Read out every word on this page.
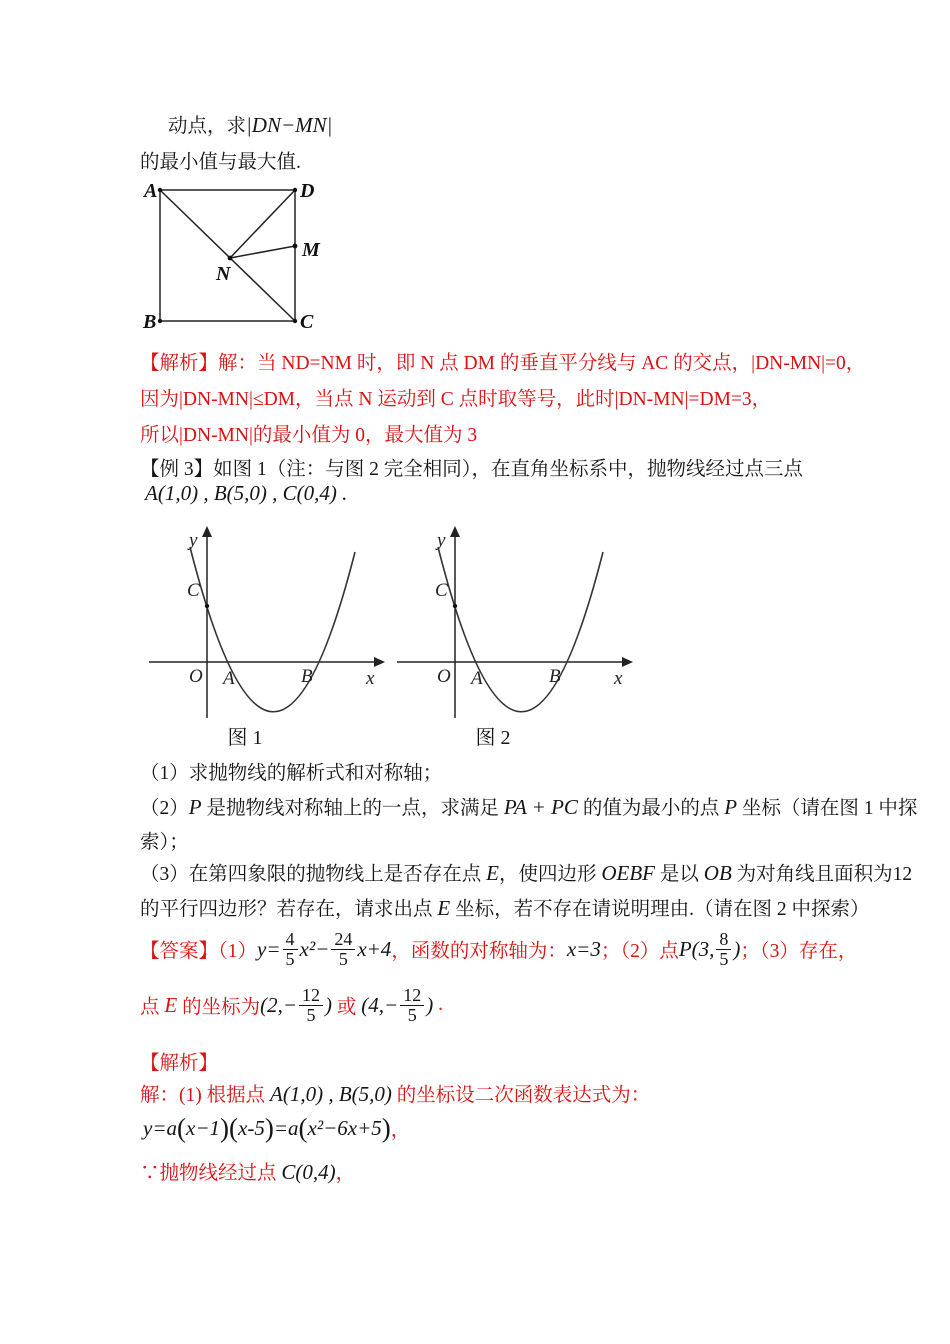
动点，求|DN−MN|
的最小值与最大值.
A	D
B	C
N
M
【解析】解：当 ND=NM 时，即 N 点 DM 的垂直平分线与 AC 的交点，|DN-MN|=0，
因为|DN-MN|≤DM，当点 N 运动到 C 点时取等号，此时|DN-MN|=DM=3，
所以|DN-MN|的最小值为 0，最大值为 3
【例 3】如图 1（注：与图 2 完全相同），在直角坐标系中，抛物线经过点三点
A(1,0) , B(5,0) , C(0,4) .
y
x
O A	B
C
图 1
y
x
O A	B
C
图 2
（1）求抛物线的解析式和对称轴；
（2）P 是抛物线对称轴上的一点，求满足 PA + PC 的值为最小的点 P 坐标（请在图 1 中探
索）；
（3）在第四象限的抛物线上是否存在点 E，使四边形 OEBF 是以 OB 为对角线且面积为12
的平行四边形？若存在，请求出点 E 坐标，若不存在请说明理由.（请在图 2 中探索）
【答案】（1） $y= \frac{4}{5} x^2- \frac{24}{5} x+4$ ，函数的对称轴为： x=3 ；（2）点 P(3, $\frac{8}{5}$ ) ；（3）存在，
点 E 的坐标为 ($2,- \frac{12}{5}$ ) 或 ($4,- \frac{12}{5}$ ) .
【解析】
解：(1) 根据点 A(1,0) , B(5,0) 的坐标设二次函数表达式为：
y=a ( x−1 ) ( x-5 ) =a ( x²−6x+5 ) ，
∵抛物线经过点 C(0,4)，
